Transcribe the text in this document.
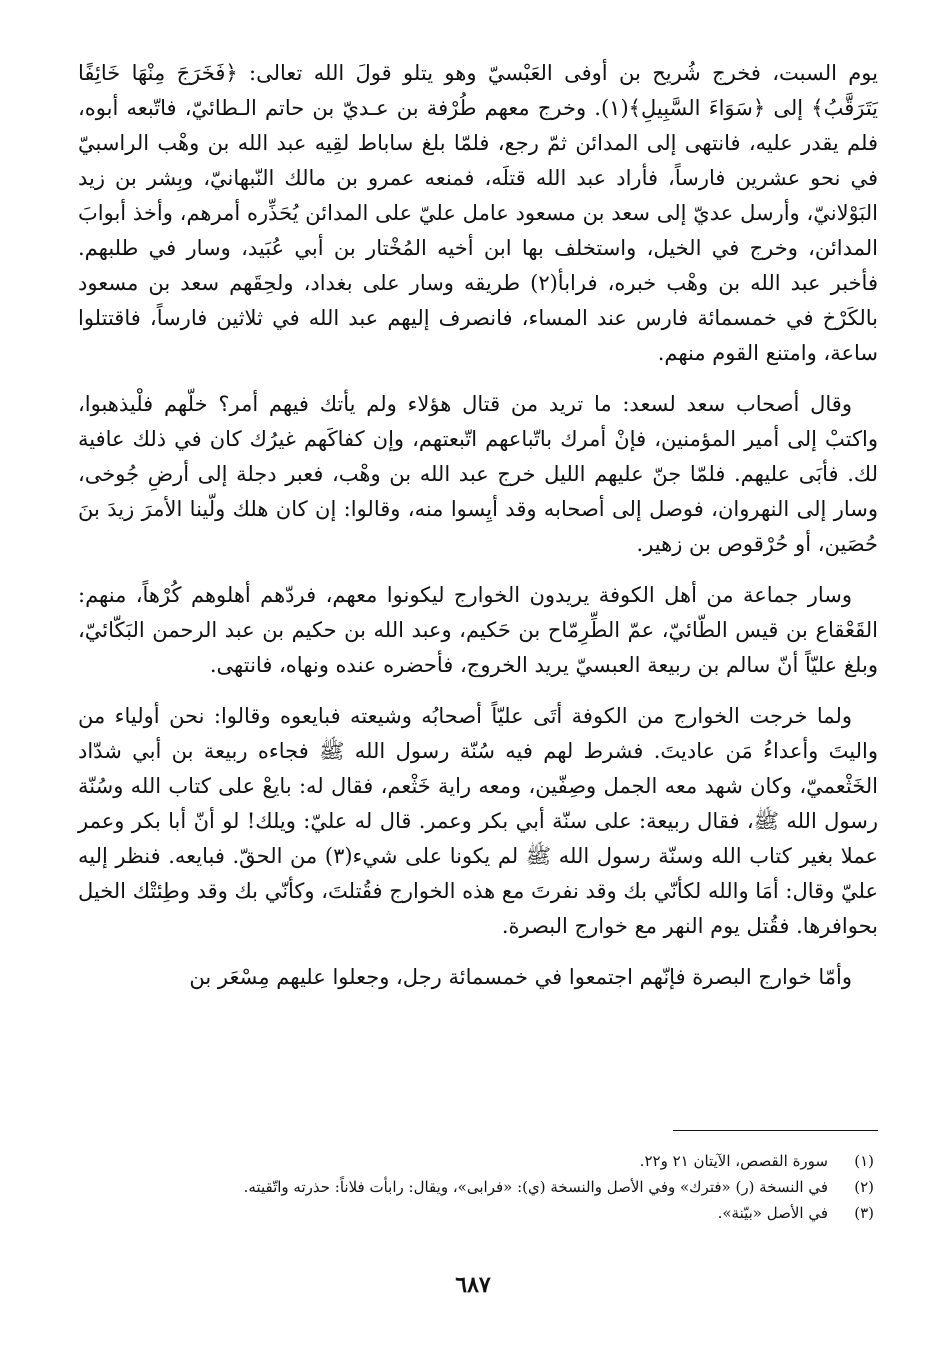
يوم السبت، فخرج شُريح بن أوفى العَبْسيّ وهو يتلو قولَ الله تعالى: ﴿فَخَرَجَ مِنْهَا خَائِفًا يَتَرَقَّبُ﴾ إلى ﴿سَوَاءَ السَّبِيلِ﴾(١). وخرج معهم طُرْفة بن عـديّ بن حاتم الـطائيّ، فاتّبعه أبوه، فلم يقدر عليه، فانتهى إلى المدائن ثمّ رجع، فلمّا بلغ ساباط لقِيه عبد الله بن وهْب الراسبيّ في نحو عشرين فارساً، فأراد عبد الله قتلَه، فمنعه عمرو بن مالك النّبهانيّ، وبِشر بن زيد البَوْلانيّ، وأرسل عديّ إلى سعد بن مسعود عامل عليّ على المدائن يُحَذِّره أمرهم، وأخذ أبوابَ المدائن، وخرج في الخيل، واستخلف بها ابن أخيه المُخْتار بن أبي عُبَيد، وسار في طلبهم. فأخبر عبد الله بن وهْب خبره، فرابأ(٢) طريقه وسار على بغداد، ولحِقَهم سعد بن مسعود بالكَرْخ في خمسمائة فارس عند المساء، فانصرف إليهم عبد الله في ثلاثين فارساً، فاقتتلوا ساعة، وامتنع القوم منهم.

وقال أصحاب سعد لسعد: ما تريد من قتال هؤلاء ولم يأتك فيهم أمر؟ خلّهم فلْيذهبوا، واكتبْ إلى أمير المؤمنين، فإنْ أمرك باتّباعهم اتّبعتهم، وإن كفاكَهم غيرُك كان في ذلك عافية لك. فأبَى عليهم. فلمّا جنّ عليهم الليل خرج عبد الله بن وهْب، فعبر دجلة إلى أرضِ جُوخى، وسار إلى النهروان، فوصل إلى أصحابه وقد أيِسوا منه، وقالوا: إن كان هلك ولّينا الأمرَ زيدَ بنَ حُصَين، أو حُرْقوص بن زهير.

وسار جماعة من أهل الكوفة يريدون الخوارج ليكونوا معهم، فردّهم أهلوهم كُرْهاً، منهم: القَعْقاع بن قيس الطّائيّ، عمّ الطِّرِمّاح بن حَكيم، وعبد الله بن حكيم بن عبد الرحمن البَكّائيّ، وبلغ عليّاً أنّ سالم بن ربيعة العبسيّ يريد الخروج، فأحضره عنده ونهاه، فانتهى.

ولما خرجت الخوارج من الكوفة أتَى عليّاً أصحابُه وشيعته فبايعوه وقالوا: نحن أولياء من واليتَ وأعداءُ مَن عاديتَ. فشرط لهم فيه سُنّة رسول الله ﷺ فجاءه ربيعة بن أبي شدّاد الخَثْعميّ، وكان شهد معه الجمل وصِفّين، ومعه راية خَثْعم، فقال له: بايعْ على كتاب الله وسُنّة رسول الله ﷺ، فقال ربيعة: على سنّة أبي بكر وعمر. قال له عليّ: ويلك! لو أنّ أبا بكر وعمر عملا بغير كتاب الله وسنّة رسول الله ﷺ لم يكونا على شيء(٣) من الحقّ. فبايعه. فنظر إليه عليّ وقال: أمَا والله لكأنّي بك وقد نفرتَ مع هذه الخوارج فقُتلتَ، وكأنّي بك وقد وطِئتْك الخيل بحوافرها. فقُتل يوم النهر مع خوارج البصرة.

وأمّا خوارج البصرة فإنّهم اجتمعوا في خمسمائة رجل، وجعلوا عليهم مِسْعَر بن

(١)
سورة القصص، الآيتان ٢١ و٢٢.
(٢)
في النسخة (ر) «فترك» وفي الأصل والنسخة (ي): «فرابى»، ويقال: رابأت فلاناً: حذرته واتّقيته.
(٣)
في الأصل «بيّنة».
٦٨٧
